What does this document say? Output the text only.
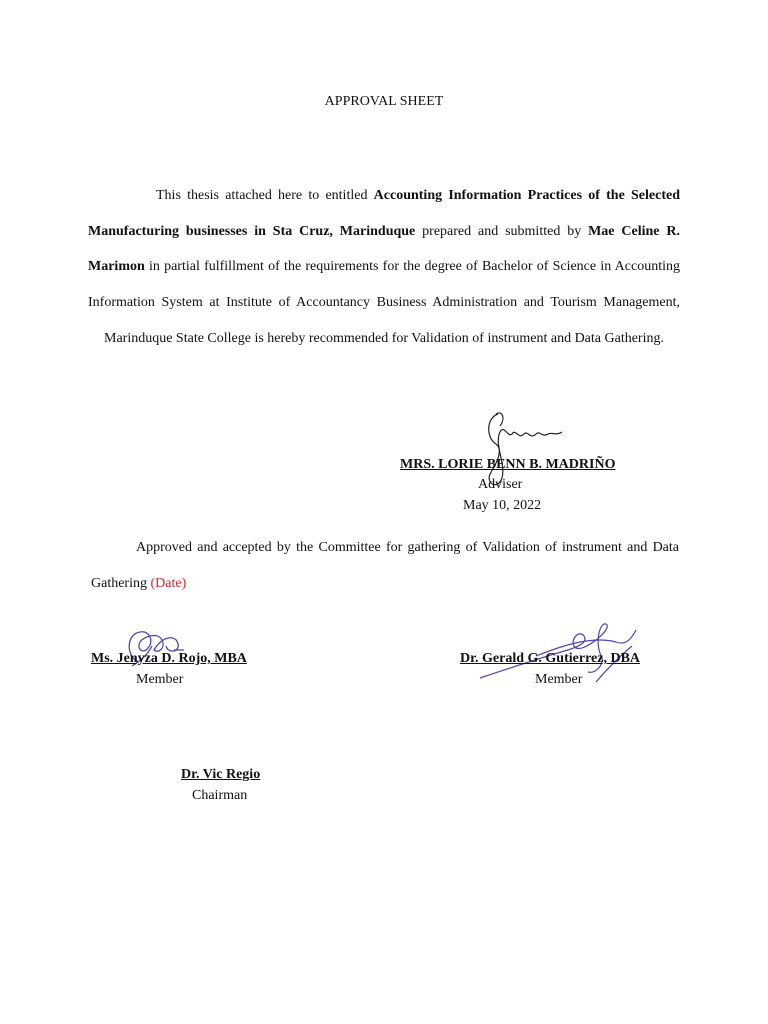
APPROVAL SHEET
This thesis attached here to entitled Accounting Information Practices of the Selected Manufacturing businesses in Sta Cruz, Marinduque prepared and submitted by Mae Celine R. Marimon in partial fulfillment of the requirements for the degree of Bachelor of Science in Accounting Information System at Institute of Accountancy Business Administration and Tourism Management, Marinduque State College is hereby recommended for Validation of instrument and Data Gathering.
MRS. LORIE BENN B. MADRIÑO
Adviser
May 10, 2022
Approved and accepted by the Committee for gathering of Validation of instrument and Data Gathering (Date)
Ms. Jenyza D. Rojo, MBA
Member
Dr. Gerald G. Gutierrez, DBA
Member
Dr. Vic Regio
Chairman
